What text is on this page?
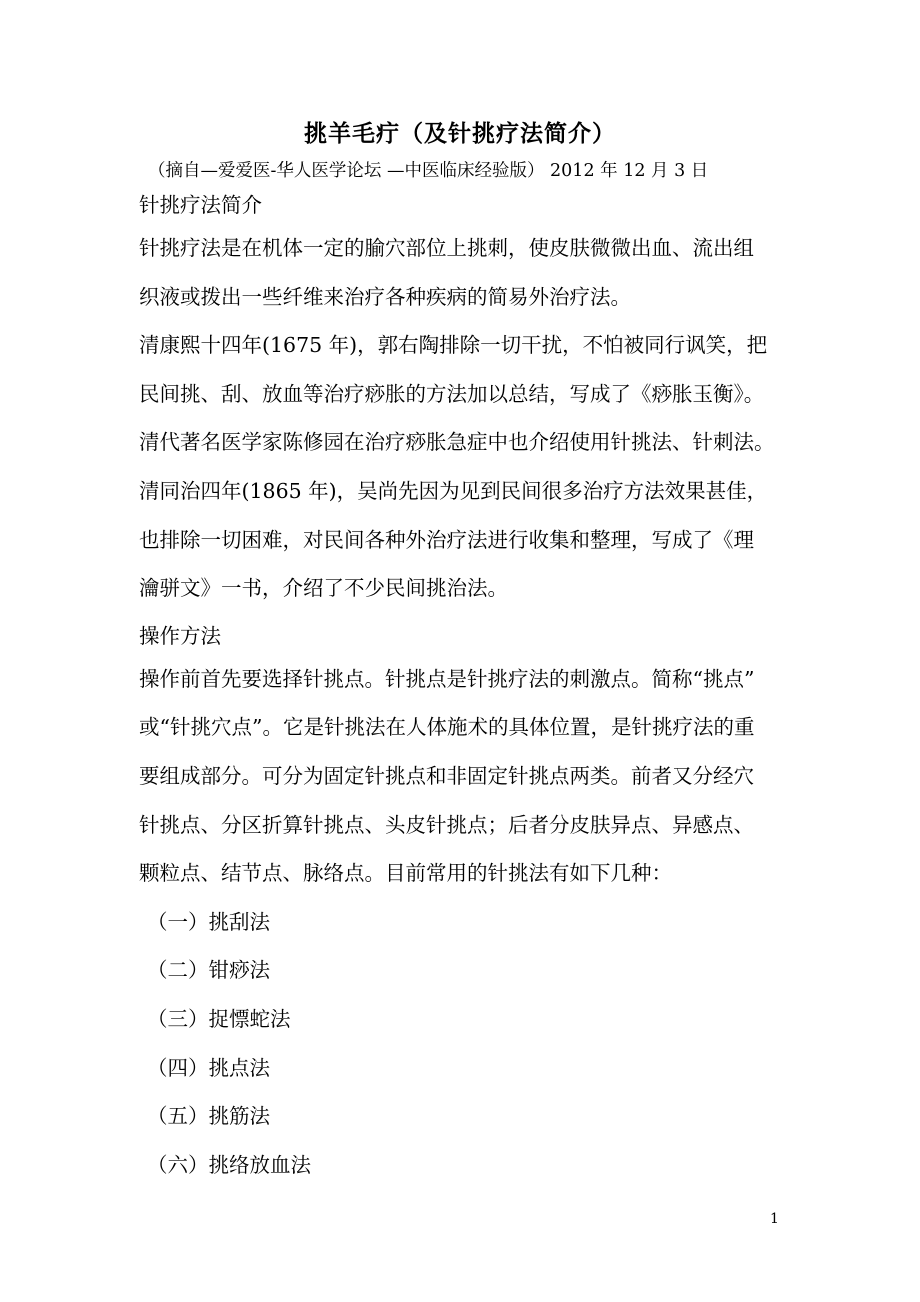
挑羊毛疔（及针挑疗法简介）

（摘自—爱爱医-华人医学论坛 —中医临床经验版） 2012 年 12 月 3 日

针挑疗法简介
针挑疗法是在机体一定的腧穴部位上挑刺，使皮肤微微出血、流出组
织液或拨出一些纤维来治疗各种疾病的简易外治疗法。
清康熙十四年(1675 年)，郭右陶排除一切干扰，不怕被同行讽笑，把
民间挑、刮、放血等治疗痧胀的方法加以总结，写成了《痧胀玉衡》。
清代著名医学家陈修园在治疗痧胀急症中也介绍使用针挑法、针刺法。
清同治四年(1865 年)，吴尚先因为见到民间很多治疗方法效果甚佳，
也排除一切困难，对民间各种外治疗法进行收集和整理，写成了《理
瀹骈文》一书，介绍了不少民间挑治法。
操作方法
操作前首先要选择针挑点。针挑点是针挑疗法的刺激点。简称“挑点”
或“针挑穴点”。它是针挑法在人体施术的具体位置，是针挑疗法的重
要组成部分。可分为固定针挑点和非固定针挑点两类。前者又分经穴
针挑点、分区折算针挑点、头皮针挑点；后者分皮肤异点、异感点、
颗粒点、结节点、脉络点。目前常用的针挑法有如下几种：
（一）挑刮法
（二）钳痧法
（三）捉慓蛇法
（四）挑点法
（五）挑筋法
（六）挑络放血法

1
